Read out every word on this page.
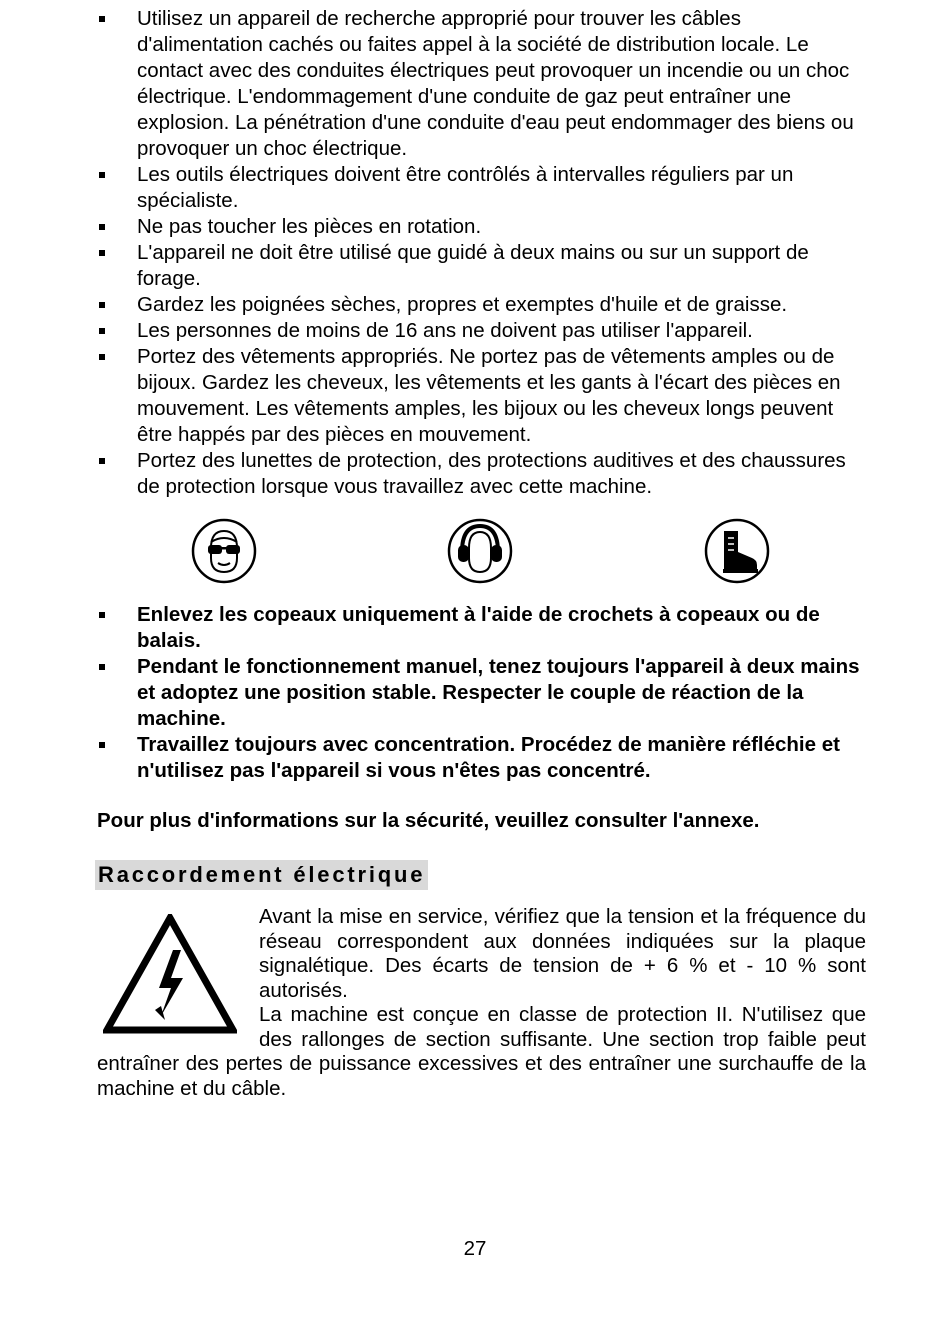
Utilisez un appareil de recherche approprié pour trouver les câbles d'alimentation cachés ou faites appel à la société de distribution locale. Le contact avec des conduites électriques peut provoquer un incendie ou un choc électrique. L'endommagement d'une conduite de gaz peut entraîner une explosion. La pénétration d'une conduite d'eau peut endommager des biens ou provoquer un choc électrique.
Les outils électriques doivent être contrôlés à intervalles réguliers par un spécialiste.
Ne pas toucher les pièces en rotation.
L'appareil ne doit être utilisé que guidé à deux mains ou sur un support de forage.
Gardez les poignées sèches, propres et exemptes d'huile et de graisse.
Les personnes de moins de 16 ans ne doivent pas utiliser l'appareil.
Portez des vêtements appropriés. Ne portez pas de vêtements amples ou de bijoux. Gardez les cheveux, les vêtements et les gants à l'écart des pièces en mouvement. Les vêtements amples, les bijoux ou les cheveux longs peuvent être happés par des pièces en mouvement.
Portez des lunettes de protection, des protections auditives et des chaussures de protection lorsque vous travaillez avec cette machine.
Enlevez les copeaux uniquement à l'aide de crochets à copeaux ou de balais.
Pendant le fonctionnement manuel, tenez toujours l'appareil à deux mains et adoptez une position stable. Respecter le couple de réaction de la machine.
Travaillez toujours avec concentration. Procédez de manière réfléchie et n'utilisez pas l'appareil si vous n'êtes pas concentré.

Pour plus d'informations sur la sécurité, veuillez consulter l'annexe.

Raccordement électrique
Avant la mise en service, vérifiez que la tension et la fréquence du réseau correspondent aux données indiquées sur la plaque signalétique. Des écarts de tension de + 6 % et - 10 % sont autorisés.
La machine est conçue en classe de protection II. N'utilisez que des rallonges de section suffisante. Une section trop faible peut entraîner des pertes de puissance excessives et des entraîner une surchauffe de la machine et du câble.
27
